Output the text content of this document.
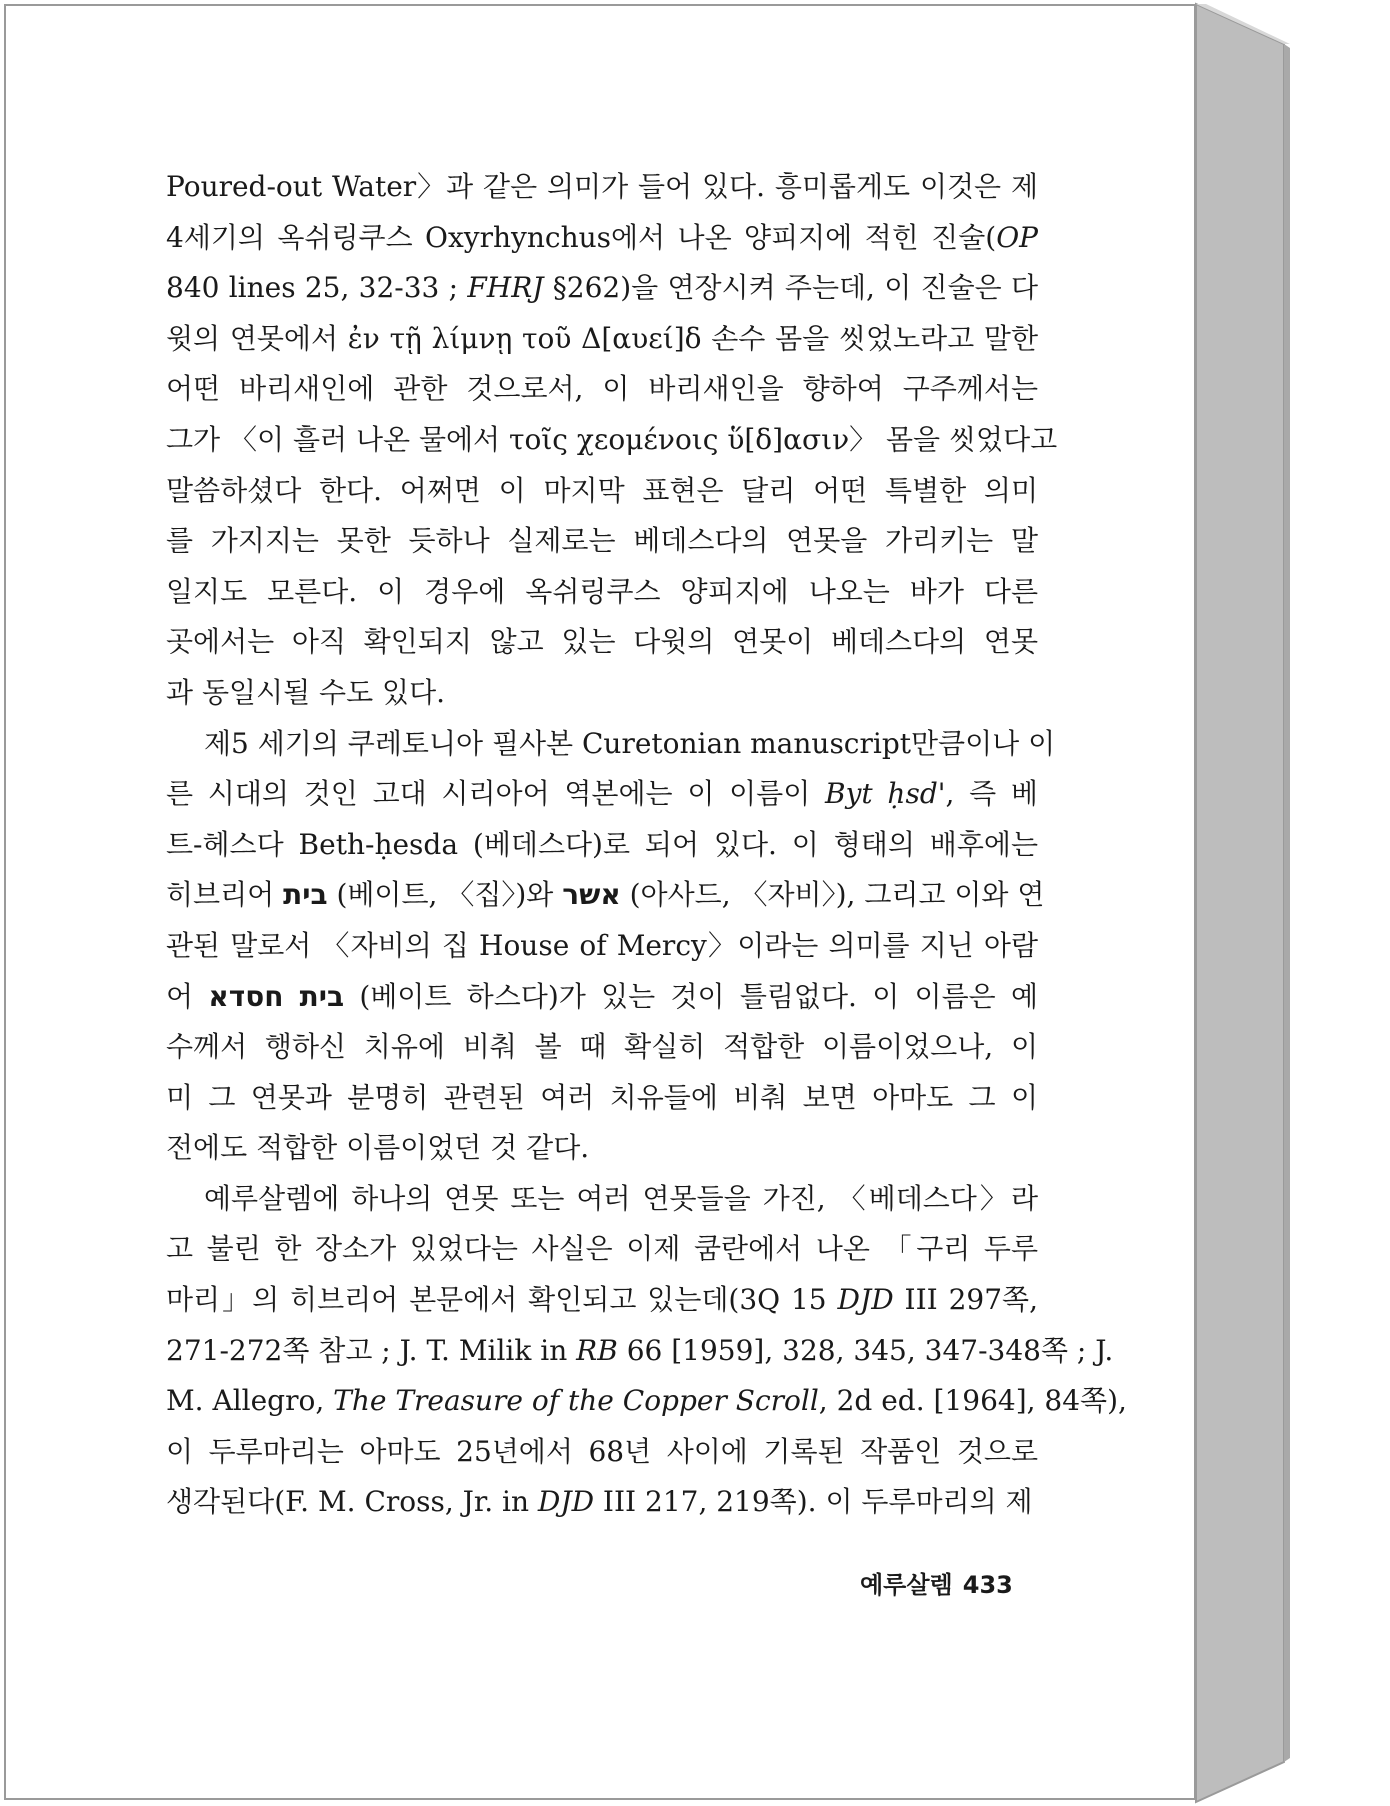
Poured-out Water〉과 같은 의미가 들어 있다. 흥미롭게도 이것은 제
4세기의 옥쉬링쿠스 Oxyrhynchus에서 나온 양피지에 적힌 진술(OP
840 lines 25, 32-33 ; FHRJ §262)을 연장시켜 주는데, 이 진술은 다
윗의 연못에서 ἐν τῇ λίμνῃ τοῦ Δ[αυεί]δ 손수 몸을 씻었노라고 말한
어떤 바리새인에 관한 것으로서, 이 바리새인을 향하여 구주께서는
그가 〈이 흘러 나온 물에서 τοῖς χεομένοις ὕ[δ]ασιν〉 몸을 씻었다고
말씀하셨다 한다. 어쩌면 이 마지막 표현은 달리 어떤 특별한 의미
를 가지지는 못한 듯하나 실제로는 베데스다의 연못을 가리키는 말
일지도 모른다. 이 경우에 옥쉬링쿠스 양피지에 나오는 바가 다른
곳에서는 아직 확인되지 않고 있는 다윗의 연못이 베데스다의 연못
과 동일시될 수도 있다.
제5 세기의 쿠레토니아 필사본 Curetonian manuscript만큼이나 이
른 시대의 것인 고대 시리아어 역본에는 이 이름이 Byt ḥsd', 즉 베
트-헤스다 Beth-ḥesda (베데스다)로 되어 있다. 이 형태의 배후에는
히브리어 בית (베이트, 〈집〉)와 אשר (아사드, 〈자비〉), 그리고 이와 연
관된 말로서 〈자비의 집 House of Mercy〉이라는 의미를 지닌 아람
어 בית חסדא (베이트 하스다)가 있는 것이 틀림없다. 이 이름은 예
수께서 행하신 치유에 비춰 볼 때 확실히 적합한 이름이었으나, 이
미 그 연못과 분명히 관련된 여러 치유들에 비춰 보면 아마도 그 이
전에도 적합한 이름이었던 것 같다.
예루살렘에 하나의 연못 또는 여러 연못들을 가진, 〈베데스다〉라
고 불린 한 장소가 있었다는 사실은 이제 쿰란에서 나온 「구리 두루
마리」의 히브리어 본문에서 확인되고 있는데(3Q 15 DJD III 297쪽,
271-272쪽 참고 ; J. T. Milik in RB 66 [1959], 328, 345, 347-348쪽 ; J.
M. Allegro, The Treasure of the Copper Scroll, 2d ed. [1964], 84쪽),
이 두루마리는 아마도 25년에서 68년 사이에 기록된 작품인 것으로
생각된다(F. M. Cross, Jr. in DJD III 217, 219쪽). 이 두루마리의 제
예루살렘 433
